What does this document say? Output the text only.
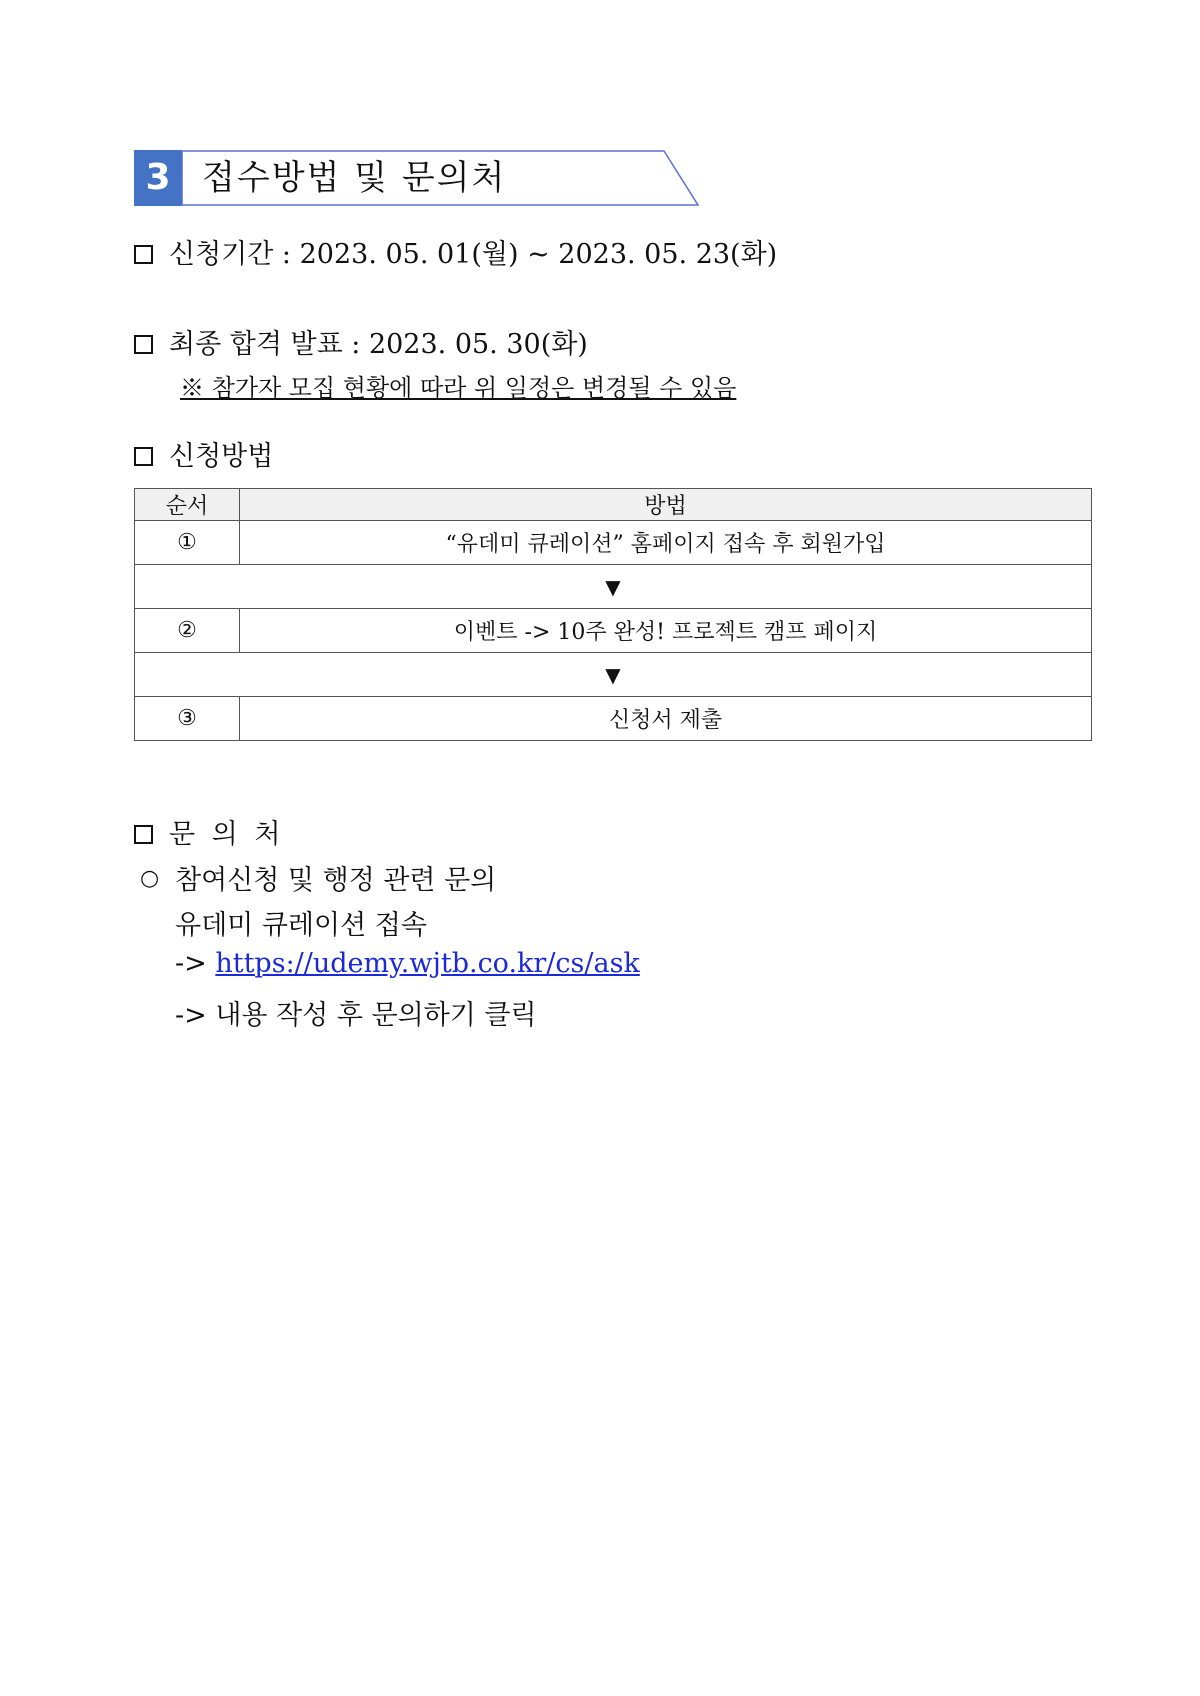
3 접수방법 및 문의처
신청기간 : 2023. 05. 01(월) ~ 2023. 05. 23(화)
최종 합격 발표 : 2023. 05. 30(화)
※ 참가자 모집 현황에 따라 위 일정은 변경될 수 있음
신청방법
순서	방법
①	“유데미 큐레이션” 홈페이지 접속 후 회원가입
▼	
②	이벤트 -> 10주 완성! 프로젝트 캠프 페이지
▼	
③	신청서 제출
문 의 처
○ 참여신청 및 행정 관련 문의
유데미 큐레이션 접속
-> https://udemy.wjtb.co.kr/cs/ask
-> 내용 작성 후 문의하기 클릭
